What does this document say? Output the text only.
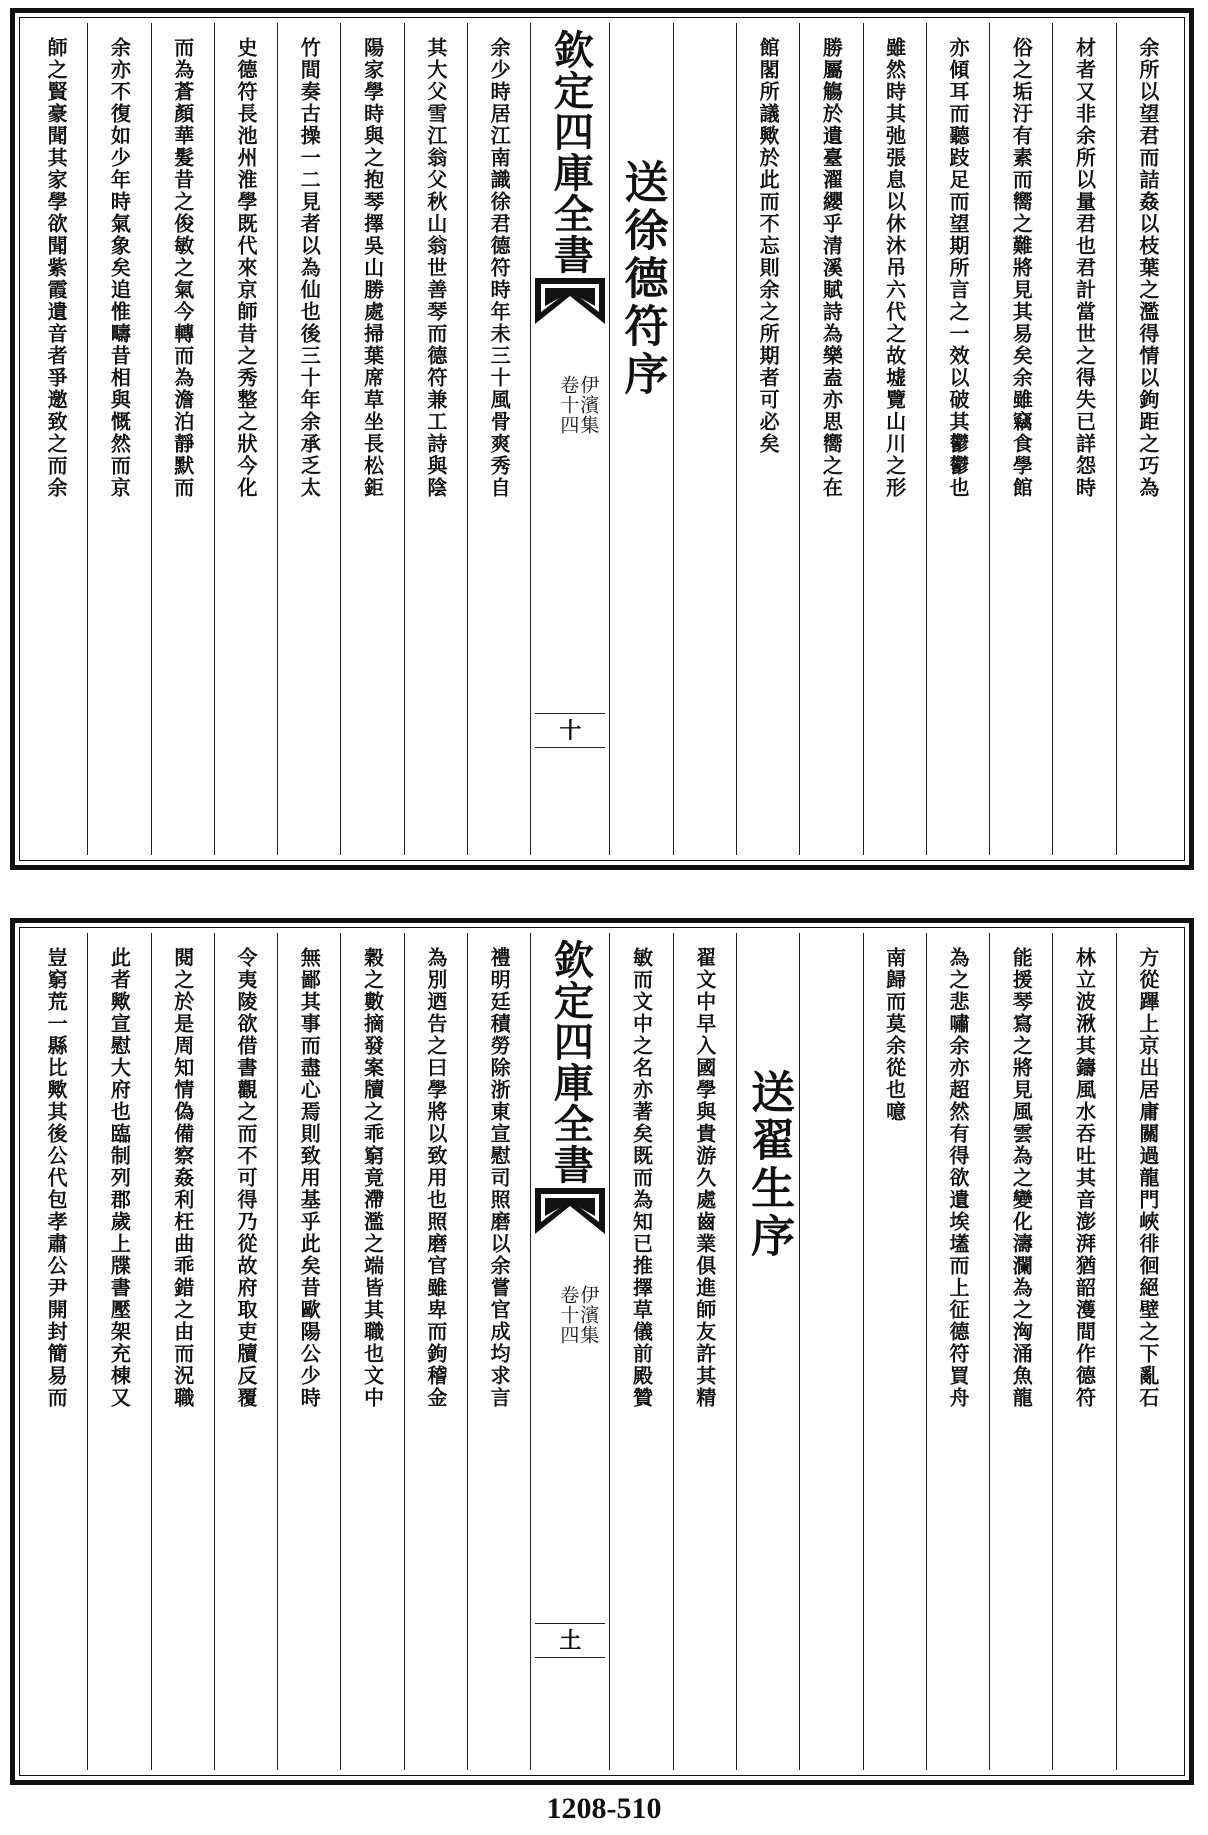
余所以望君而詰姦以枝葉之濫得情以鉤距之巧為
材者又非余所以量君也君計當世之得失已詳怨時
俗之垢汙有素而嚮之難將見其易矣余雖竊食學館
亦傾耳而聽跂足而望期所言之一效以破其鬱鬱也
雖然時其弛張息以休沐吊六代之故墟覽山川之形
勝屬觴於遺臺濯纓乎清溪賦詩為樂盍亦思嚮之在
館閣所議歟於此而不忘則余之所期者可必矣
送徐德符序
欽定四庫全書
伊濱集
卷十四
十
余少時居江南識徐君德符時年未三十風骨爽秀自
其大父雪江翁父秋山翁世善琴而德符兼工詩與陰
陽家學時與之抱琴擇吳山勝處掃葉席草坐長松鉅
竹間奏古操一二見者以為仙也後三十年余承乏太
史德符長池州淮學既代來京師昔之秀整之狀今化
而為蒼顏華髮昔之俊敏之氣今轉而為澹泊靜默而
余亦不復如少年時氣象矣追惟疇昔相與慨然而京
師之賢豪聞其家學欲聞紫霞遺音者爭邀致之而余
方從蹕上京出居庸關過龍門峽徘徊絕壁之下亂石
林立波湫其鑄風水吞吐其音澎湃猶韶濩間作德符
能援琴寫之將見風雲為之變化濤瀾為之洶涌魚龍
為之悲嘯余亦超然有得欲遺埃壒而上征德符買舟
南歸而莫余從也噫
送翟生序
翟文中早入國學與貴游久處齒業俱進師友許其精
敏而文中之名亦著矣既而為知已推擇草儀前殿贊
欽定四庫全書
伊濱集
卷十四
土
禮明廷積勞除浙東宣慰司照磨以余嘗官成均求言
為別迺告之曰學將以致用也照磨官雖卑而鉤稽金
穀之數摘發案牘之乖窮竟滯濫之端皆其職也文中
無鄙其事而盡心焉則致用基乎此矣昔歐陽公少時
令夷陵欲借書觀之而不可得乃從故府取吏牘反覆
閱之於是周知情偽備察姦利枉曲乖錯之由而況職
此者歟宣慰大府也臨制列郡歲上牒書壓架充棟又
豈窮荒一縣比歟其後公代包孝肅公尹開封簡易而
1208-510
